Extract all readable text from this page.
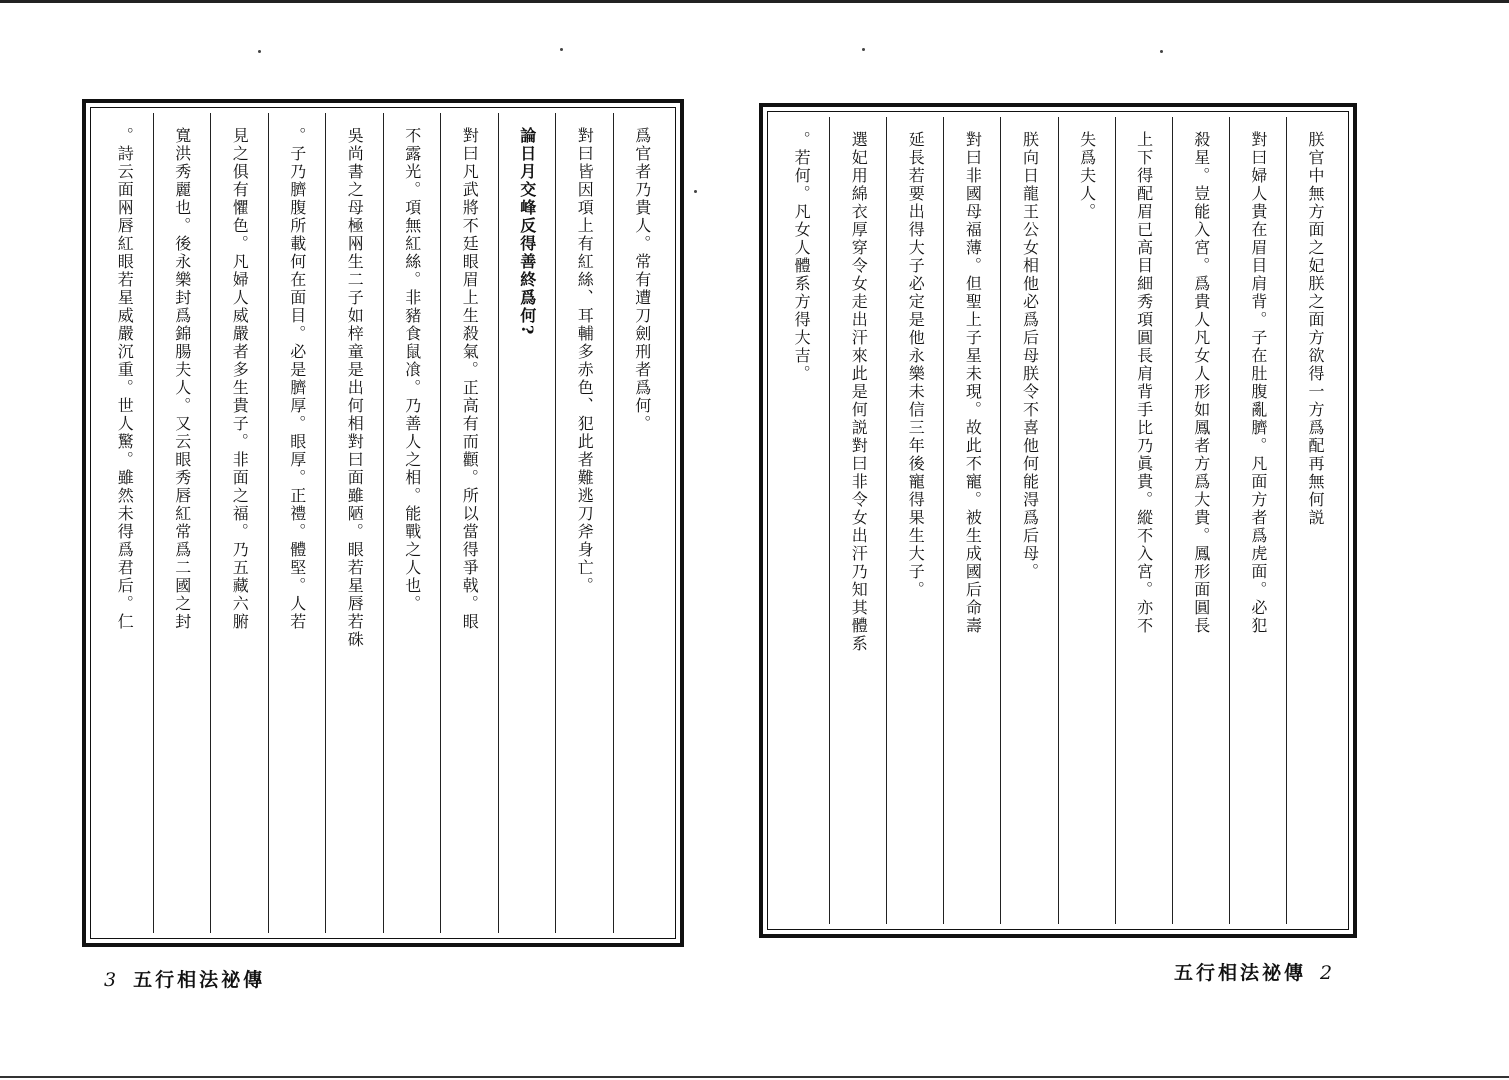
爲官者乃貴人。常有遭刀劍刑者爲何。
對曰皆因項上有紅絲、耳輔多赤色、犯此者難逃刀斧身亡。
論日月交峰反得善終爲何?
對曰凡武將不廷眼眉上生殺氣。正高有而顴。所以當得爭戟。眼
不露光。項無紅絲。非豬食鼠飡。乃善人之相。能戰之人也。
吳尚書之母極㒳生二子如梓童是出何相對曰面雖陋。眼若星唇若硃
。子乃臍腹所載何在面目。必是臍厚。眼厚。正禮。體堅。人若
見之俱有懼色。凡婦人威嚴者多生貴子。非面之福。乃五藏六腑
寬洪秀麗也。後永樂封爲錦腸夫人。又云眼秀唇紅常爲二國之封
。詩云面㒳唇紅眼若星威嚴沉重。世人驚。雖然未得爲君后。仁	朕官中無方面之妃朕之面方欲得一方爲配再無何説
對曰婦人貴在眉目肩背。子在肚腹亂臍。凡面方者爲虎面。必犯
殺星。豈能入宮。爲貴人凡女人形如鳳者方爲大貴。鳳形面圓長
上下得配眉已高目細秀項圓長肩背手比乃眞貴。縱不入宮。亦不
失爲夫人。
朕向日龍王公女相他必爲后母朕令不喜他何能淂爲后母。
對曰非國母福薄。但聖上子星未現。故此不寵。被生成國后命壽
延長若要出得大子必定是他永樂未信三年後寵得果生大子。
選妃用綿衣厚穿令女走出汗來此是何説對曰非令女出汗乃知其體系
。若何。凡女人體系方得大吉。
3 五行相法祕傳	五行相法祕傳 2
